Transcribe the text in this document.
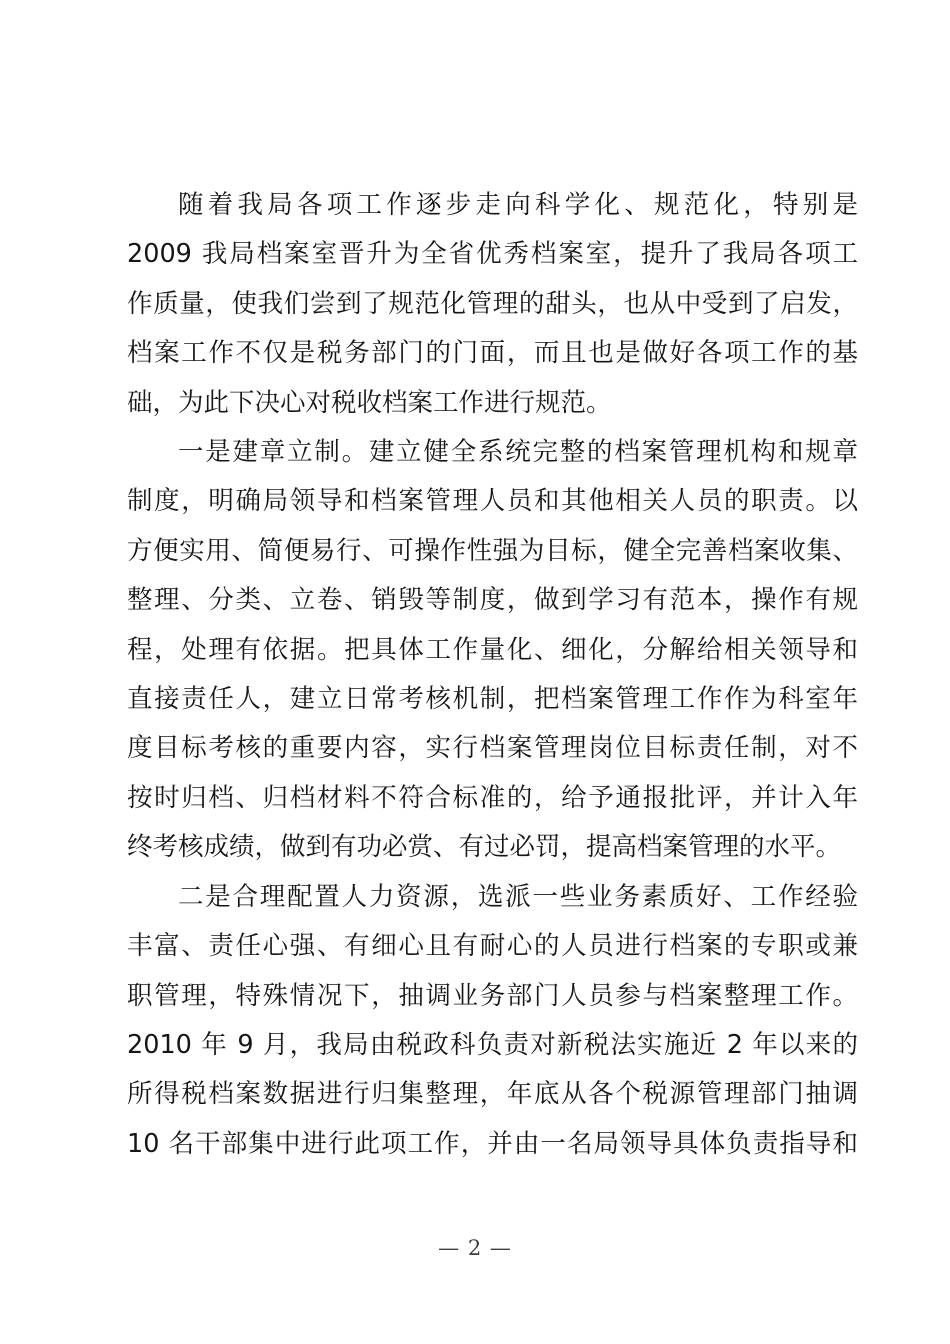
随着我局各项工作逐步走向科学化、规范化，特别是
2009 我局档案室晋升为全省优秀档案室，提升了我局各项工
作质量，使我们尝到了规范化管理的甜头，也从中受到了启发，
档案工作不仅是税务部门的门面，而且也是做好各项工作的基
础，为此下决心对税收档案工作进行规范。

一是建章立制。建立健全系统完整的档案管理机构和规章
制度，明确局领导和档案管理人员和其他相关人员的职责。以
方便实用、简便易行、可操作性强为目标，健全完善档案收集、
整理、分类、立卷、销毁等制度，做到学习有范本，操作有规
程，处理有依据。把具体工作量化、细化，分解给相关领导和
直接责任人，建立日常考核机制，把档案管理工作作为科室年
度目标考核的重要内容，实行档案管理岗位目标责任制，对不
按时归档、归档材料不符合标准的，给予通报批评，并计入年
终考核成绩，做到有功必赏、有过必罚，提高档案管理的水平。

二是合理配置人力资源，选派一些业务素质好、工作经验
丰富、责任心强、有细心且有耐心的人员进行档案的专职或兼
职管理，特殊情况下，抽调业务部门人员参与档案整理工作。
2010 年 9 月，我局由税政科负责对新税法实施近 2 年以来的
所得税档案数据进行归集整理，年底从各个税源管理部门抽调
10 名干部集中进行此项工作，并由一名局领导具体负责指导和

— 2 —
